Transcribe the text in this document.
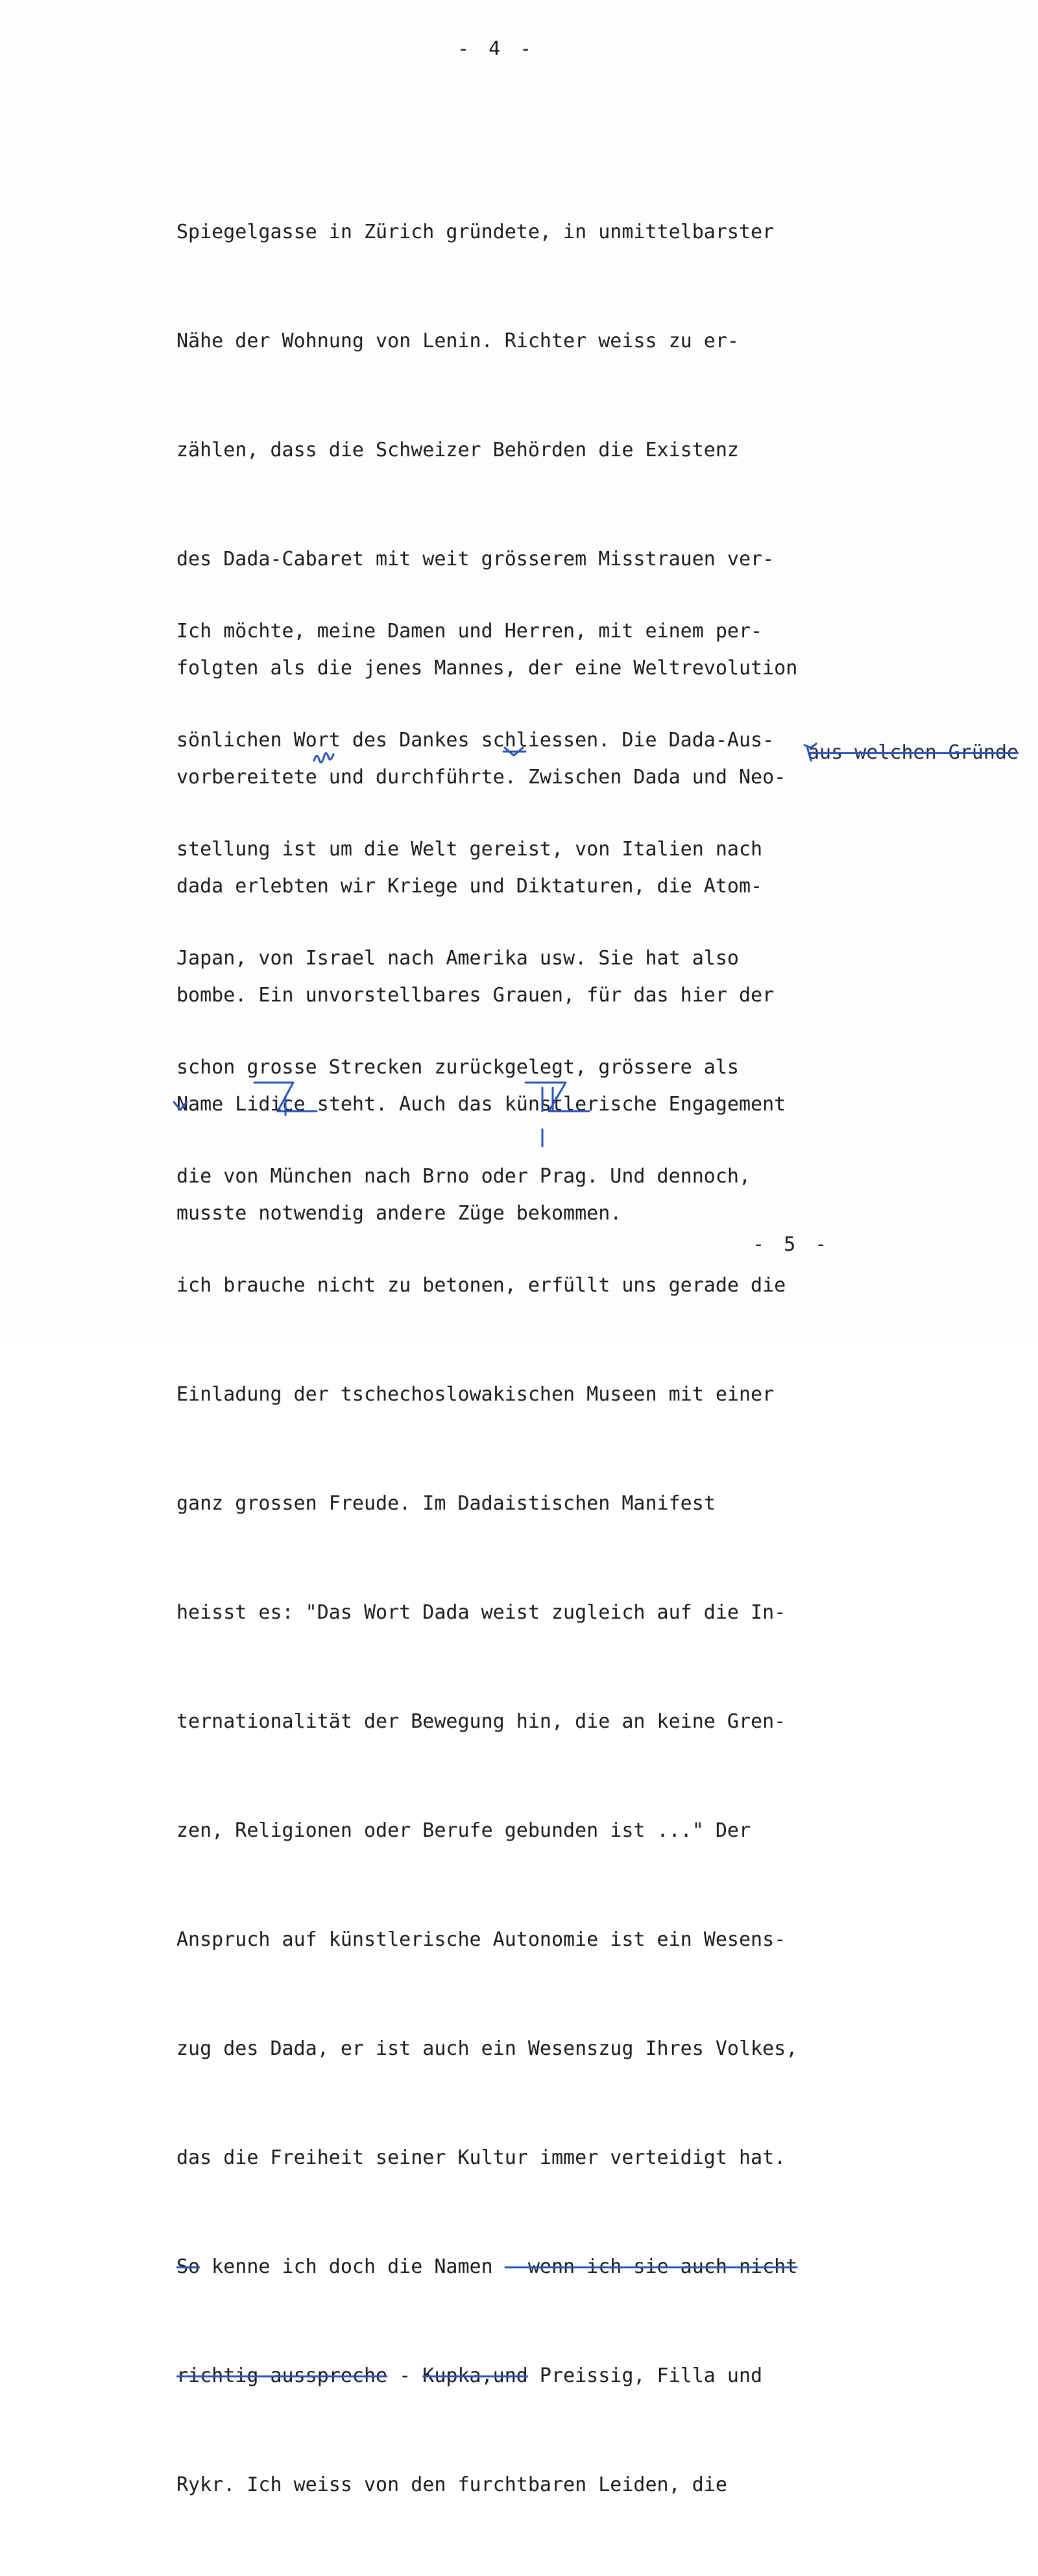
- 4 -

Spiegelgasse in Zürich gründete, in unmittelbarster

Nähe der Wohnung von Lenin. Richter weiss zu er-

zählen, dass die Schweizer Behörden die Existenz

des Dada-Cabaret mit weit grösserem Misstrauen ver-

folgten als die jenes Mannes, der eine Weltrevolution

vorbereitete und durchführte. Zwischen Dada und Neo-

dada erlebten wir Kriege und Diktaturen, die Atom-

bombe. Ein unvorstellbares Grauen, für das hier der

Name Lidice steht. Auch das künstlerische Engagement

musste notwendig andere Züge bekommen.

Ich möchte, meine Damen und Herren, mit einem per-

sönlichen Wort des Dankes schliessen. Die Dada-Aus-

stellung ist um die Welt gereist, von Italien nach

Japan, von Israel nach Amerika usw. Sie hat also

schon grosse Strecken zurückgelegt, grössere als

die von München nach Brno oder Prag. Und dennoch,

ich brauche nicht zu betonen, erfüllt uns gerade die

Einladung der tschechoslowakischen Museen mit einer

ganz grossen Freude. Im Dadaistischen Manifest

heisst es: "Das Wort Dada weist zugleich auf die In-

ternationalität der Bewegung hin, die an keine Gren-

zen, Religionen oder Berufe gebunden ist ..." Der

Anspruch auf künstlerische Autonomie ist ein Wesens-

zug des Dada, er ist auch ein Wesenszug Ihres Volkes,

das die Freiheit seiner Kultur immer verteidigt hat.

So kenne ich doch die Namen - wenn ich sie auch nicht

richtig ausspreche - Kupka,und Preissig, Filla und

Rykr. Ich weiss von den furchtbaren Leiden, die

aus welchen Gründe
- 5 -
